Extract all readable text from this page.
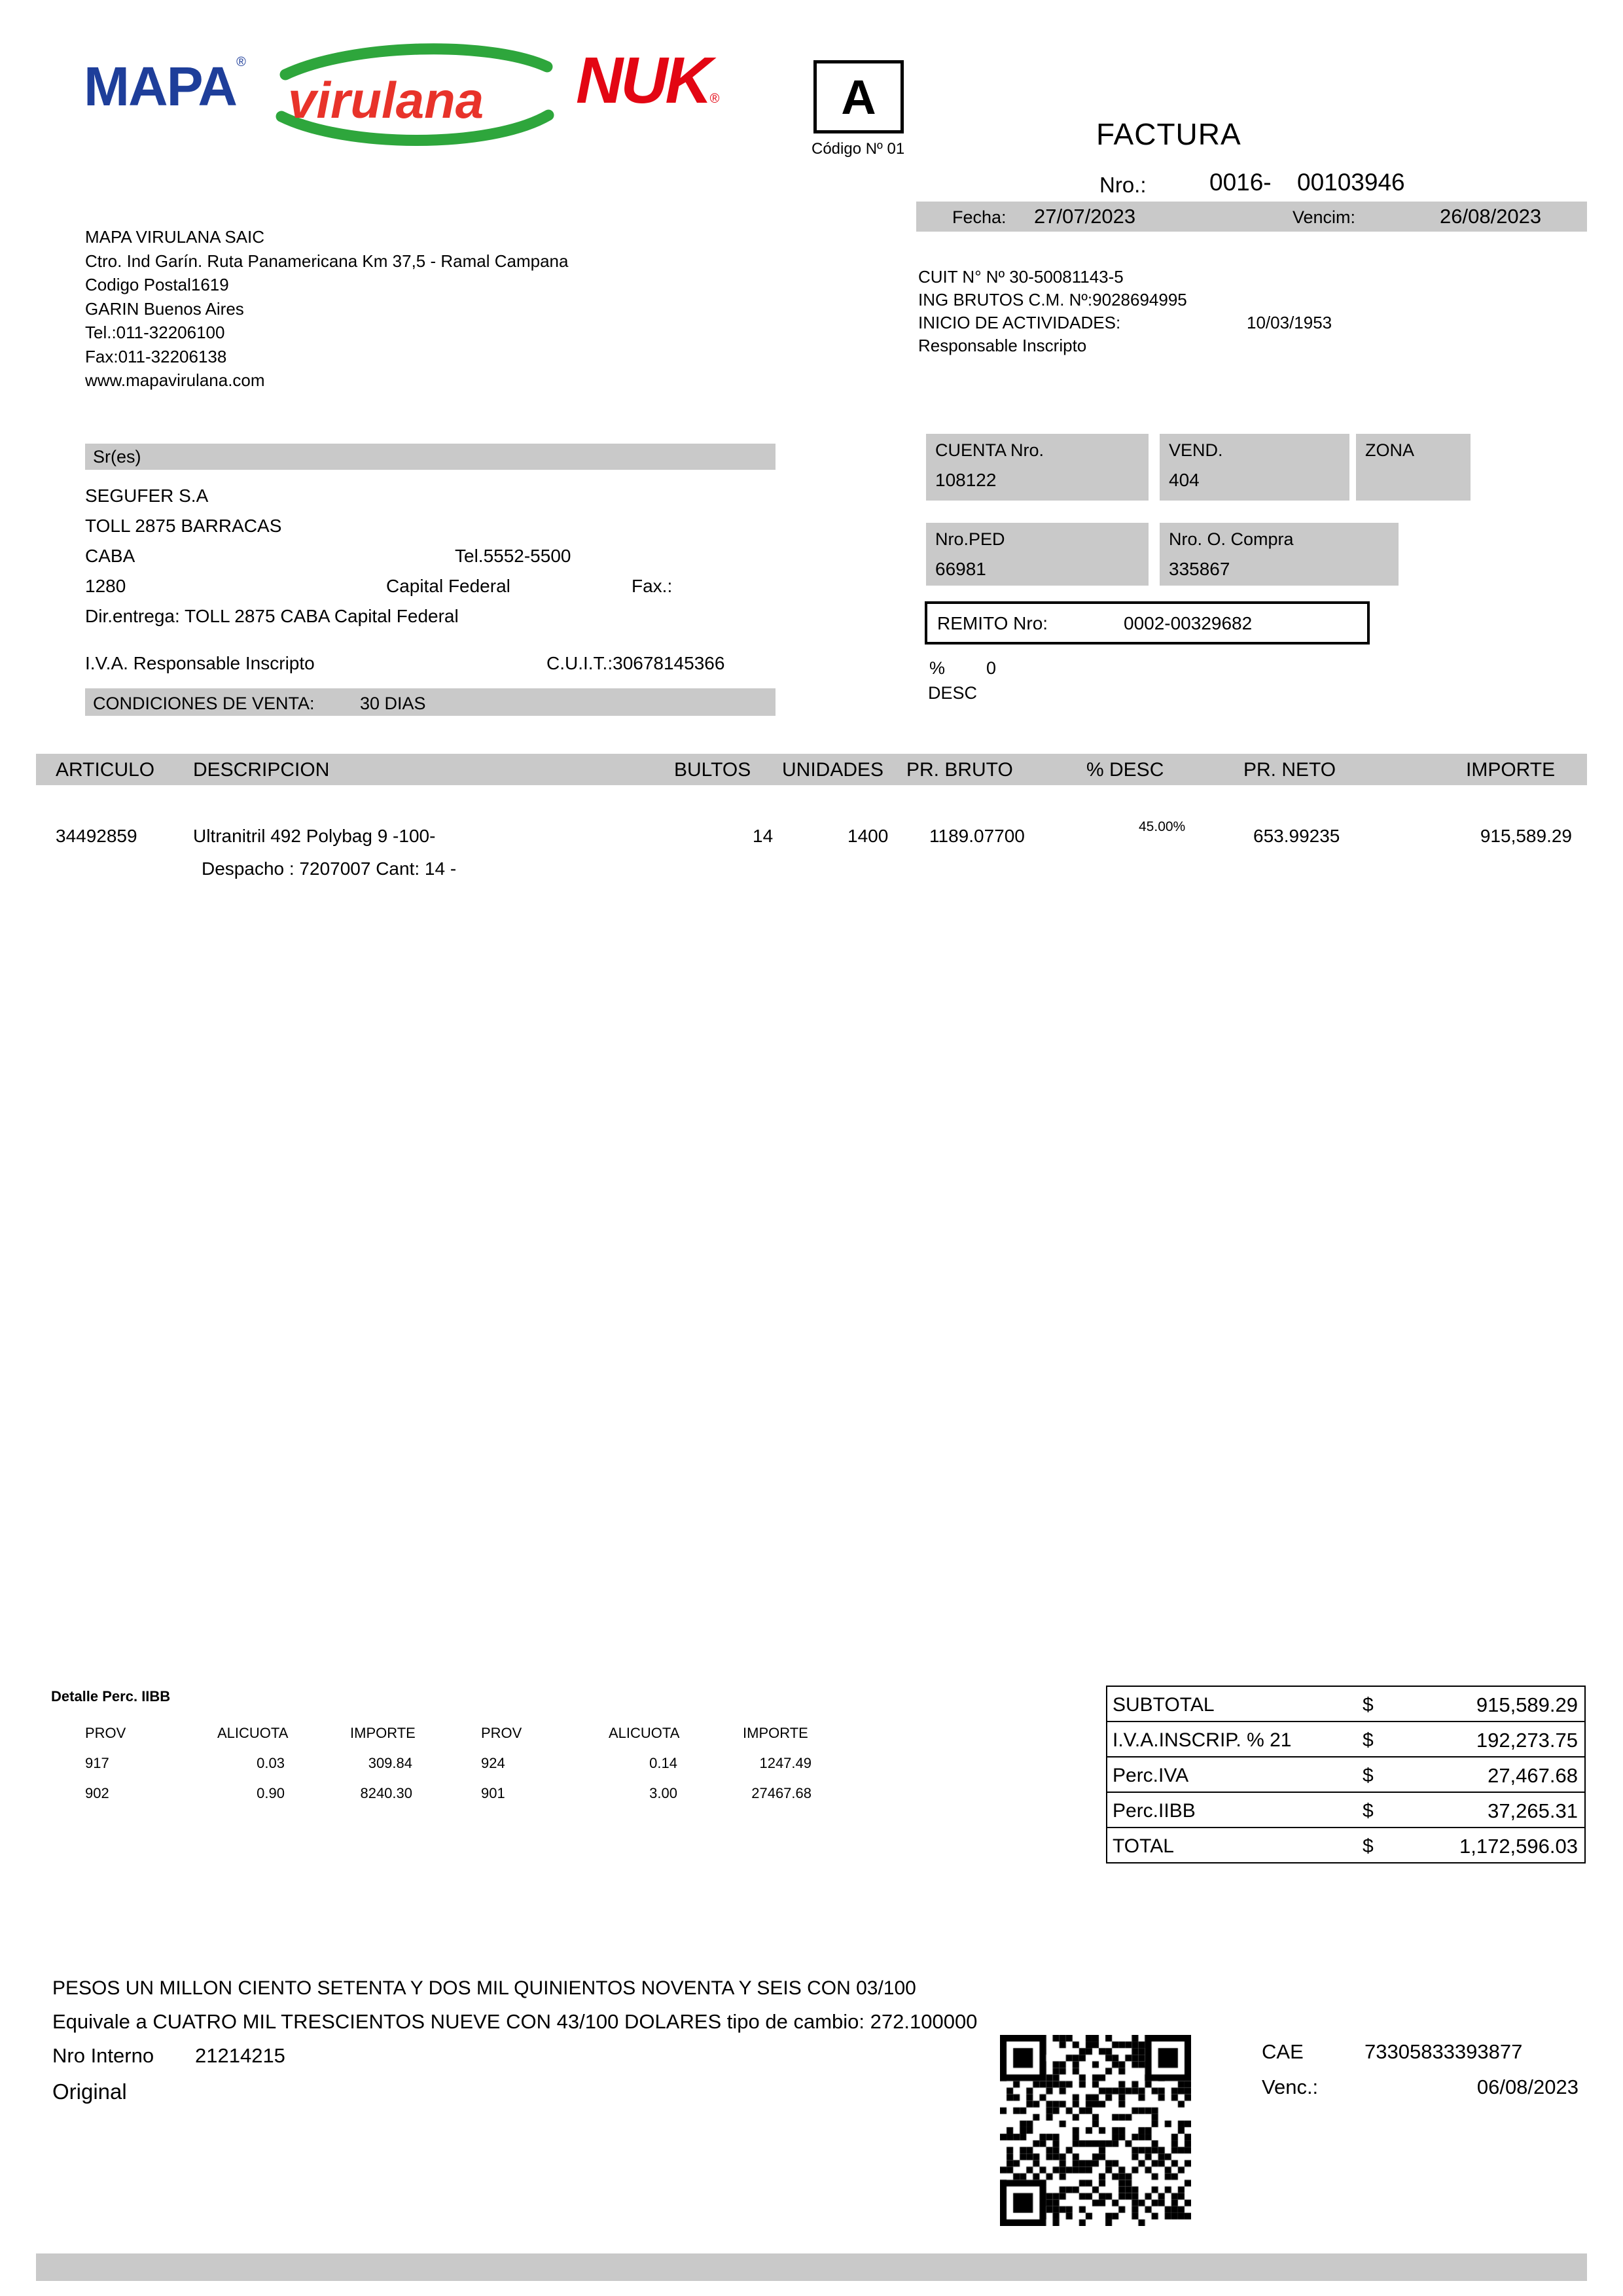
MAPA®
virulana NUK®	A
Código Nº 01	FACTURA
Nro.:	0016- 00103946
Fecha: 27/07/2023	Vencim:	26/08/2023
MAPA VIRULANA SAIC
Ctro. Ind Garín. Ruta Panamericana Km 37,5 - Ramal Campana
Codigo Postal1619
GARIN Buenos Aires
Tel.:011-32206100
Fax:011-32206138
www.mapavirulana.com
CUIT N° Nº 30-50081143-5
ING BRUTOS C.M. Nº:9028694995
INICIO DE ACTIVIDADES:	10/03/1953
Responsable Inscripto
Sr(es)
SEGUFER S.A
TOLL 2875 BARRACAS
CABA	Tel.5552-5500
1280	Capital Federal	Fax.:
Dir.entrega: TOLL 2875 CABA Capital Federal
I.V.A. Responsable Inscripto	C.U.I.T.:30678145366
CONDICIONES DE VENTA:	30 DIAS
CUENTA Nro.
108122
VEND.
404
ZONA
Nro.PED
66981
Nro. O. Compra
335867
REMITO Nro:	0002-00329682
% 0
DESC
ARTICULO DESCRIPCION	BULTOS UNIDADES PR. BRUTO	% DESC	PR. NETO	IMPORTE
34492859	Ultranitril 492 Polybag 9 -100-	14	1400 1189.07700	45.00%	653.99235	915,589.29
Despacho : 7207007 Cant: 14 -
Detalle Perc. IIBB
PROV	ALICUOTA	IMPORTE	PROV	ALICUOTA	IMPORTE
917	0.03	309.84	924	0.14	1247.49
902	0.90	8240.30	901	3.00	27467.68
SUBTOTAL	$	915,589.29
I.V.A.INSCRIP. % 21	$	192,273.75
Perc.IVA	$	27,467.68
Perc.IIBB	$	37,265.31
TOTAL	$	1,172,596.03
PESOS UN MILLON CIENTO SETENTA Y DOS MIL QUINIENTOS NOVENTA Y SEIS CON 03/100
Equivale a CUATRO MIL TRESCIENTOS NUEVE CON 43/100 DOLARES tipo de cambio: 272.100000
Nro Interno 21214215
Original
CAE	73305833393877
Venc.:	06/08/2023
